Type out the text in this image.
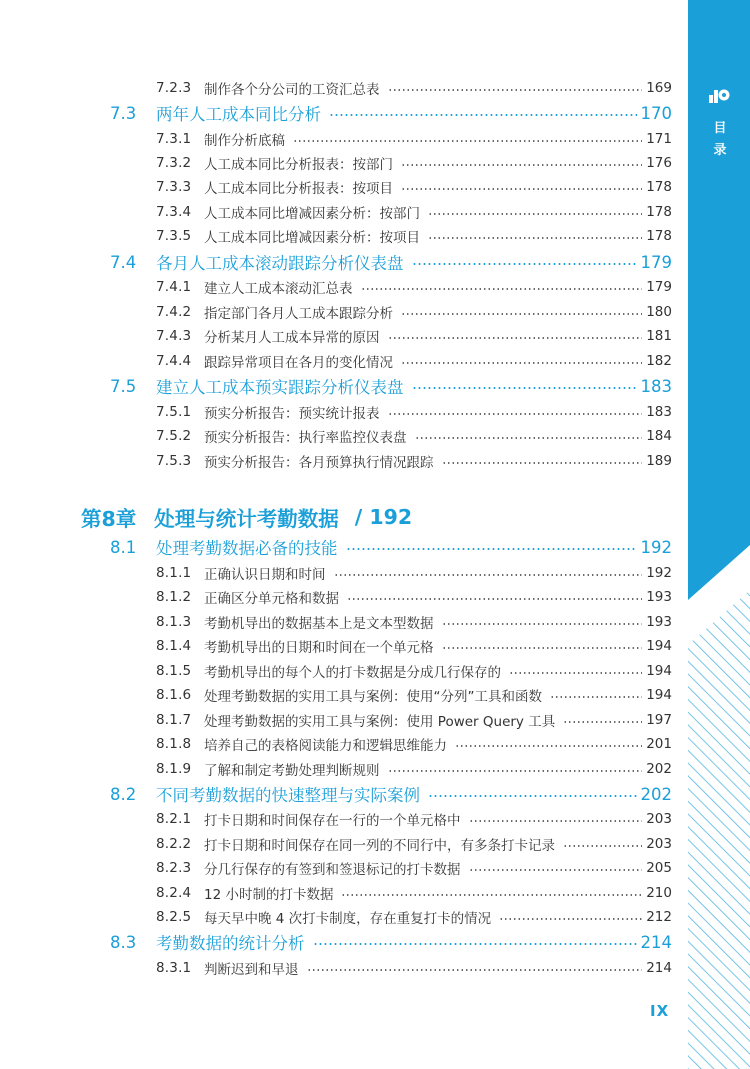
目
录
7.2.3 制作各个分公司的工资汇总表	169
7.3	两年人工成本同比分析	170
7.3.1 制作分析底稿	171
7.3.2 人工成本同比分析报表：按部门	176
7.3.3 人工成本同比分析报表：按项目	178
7.3.4 人工成本同比增减因素分析：按部门	178
7.3.5 人工成本同比增减因素分析：按项目	178
7.4	各月人工成本滚动跟踪分析仪表盘	179
7.4.1 建立人工成本滚动汇总表	179
7.4.2 指定部门各月人工成本跟踪分析	180
7.4.3 分析某月人工成本异常的原因	181
7.4.4 跟踪异常项目在各月的变化情况	182
7.5	建立人工成本预实跟踪分析仪表盘	183
7.5.1 预实分析报告：预实统计报表	183
7.5.2 预实分析报告：执行率监控仪表盘	184
7.5.3 预实分析报告：各月预算执行情况跟踪	189
第8章 处理与统计考勤数据 / 192
8.1	处理考勤数据必备的技能	192
8.1.1 正确认识日期和时间	192
8.1.2 正确区分单元格和数据	193
8.1.3 考勤机导出的数据基本上是文本型数据	193
8.1.4 考勤机导出的日期和时间在一个单元格	194
8.1.5 考勤机导出的每个人的打卡数据是分成几行保存的	194
8.1.6 处理考勤数据的实用工具与案例：使用“分列”工具和函数	194
8.1.7 处理考勤数据的实用工具与案例：使用 Power Query 工具	197
8.1.8 培养自己的表格阅读能力和逻辑思维能力	201
8.1.9 了解和制定考勤处理判断规则	202
8.2	不同考勤数据的快速整理与实际案例	202
8.2.1 打卡日期和时间保存在一行的一个单元格中	203
8.2.2 打卡日期和时间保存在同一列的不同行中，有多条打卡记录	203
8.2.3 分几行保存的有签到和签退标记的打卡数据	205
8.2.4 12 小时制的打卡数据	210
8.2.5 每天早中晚 4 次打卡制度，存在重复打卡的情况	212
8.3	考勤数据的统计分析	214
8.3.1 判断迟到和早退	214
IX
